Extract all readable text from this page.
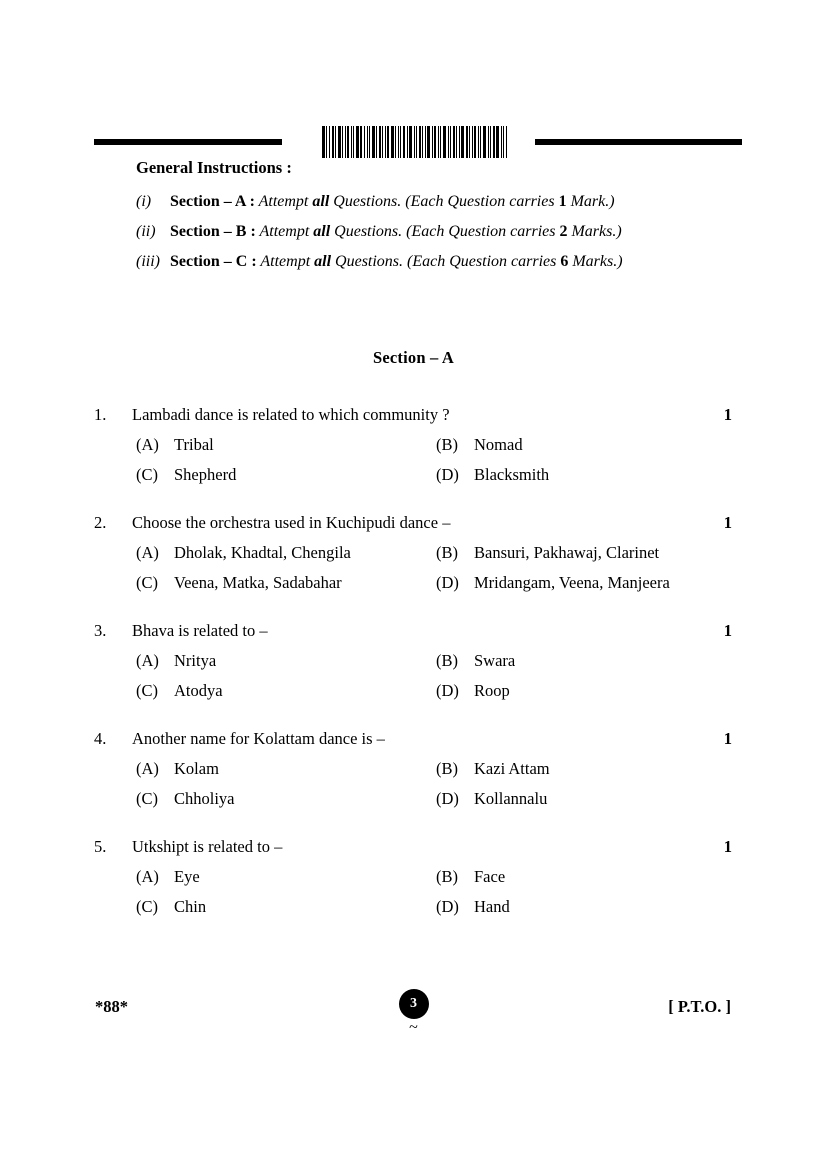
General Instructions :
(i)	Section – A : Attempt all Questions. (Each Question carries 1 Mark.)
(ii) Section – B : Attempt all Questions. (Each Question carries 2 Marks.)
(iii) Section – C : Attempt all Questions. (Each Question carries 6 Marks.)
Section – A
1.	Lambadi dance is related to which community ?	1
(A) Tribal	(B) Nomad
(C) Shepherd	(D) Blacksmith
2.	Choose the orchestra used in Kuchipudi dance –	1
(A) Dholak, Khadtal, Chengila	(B) Bansuri, Pakhawaj, Clarinet
(C) Veena, Matka, Sadabahar	(D) Mridangam, Veena, Manjeera
3.	Bhava is related to –	1
(A) Nritya	(B) Swara
(C) Atodya	(D) Roop
4.	Another name for Kolattam dance is –	1
(A) Kolam	(B) Kazi Attam
(C) Chholiya	(D) Kollannalu
5.	Utkshipt is related to –	1
(A) Eye	(B) Face
(C) Chin	(D) Hand
*88*	3
~
[ P.T.O. ]
